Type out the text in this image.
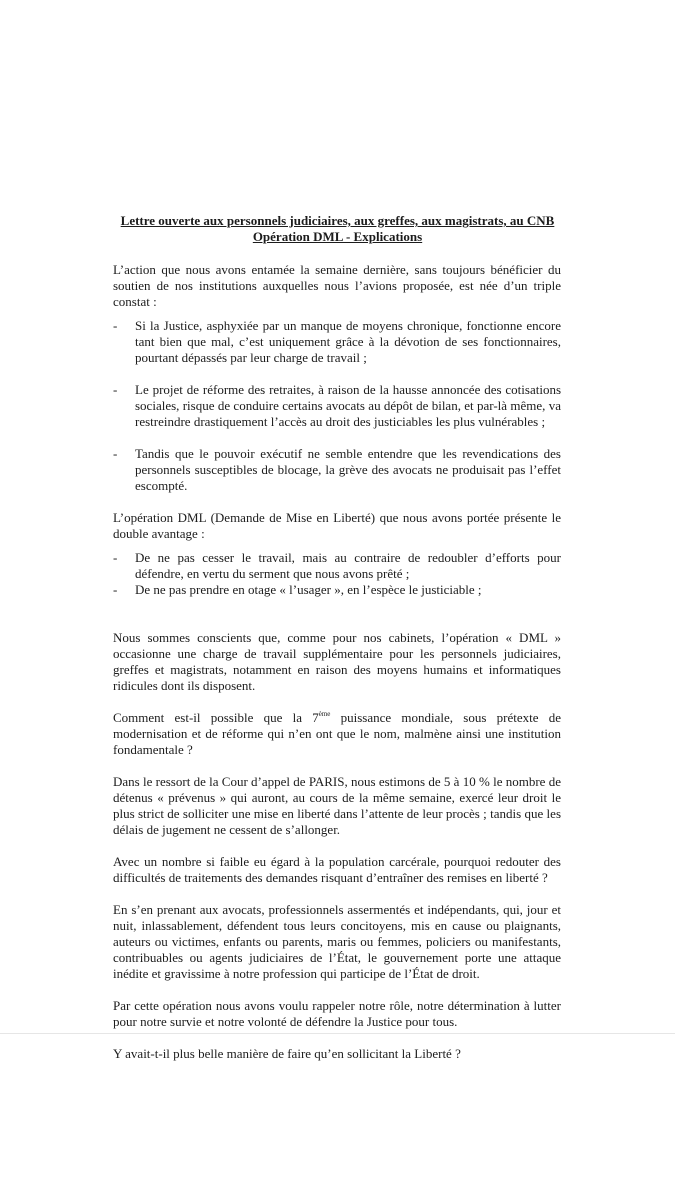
Lettre ouverte aux personnels judiciaires, aux greffes, aux magistrats, au CNB
Opération DML - Explications

L’action que nous avons entamée la semaine dernière, sans toujours bénéficier du soutien de nos institutions auxquelles nous l’avions proposée, est née d’un triple constat :

- Si la Justice, asphyxiée par un manque de moyens chronique, fonctionne encore tant bien que mal, c’est uniquement grâce à la dévotion de ses fonctionnaires, pourtant dépassés par leur charge de travail ;
- Le projet de réforme des retraites, à raison de la hausse annoncée des cotisations sociales, risque de conduire certains avocats au dépôt de bilan, et par-là même, va restreindre drastiquement l’accès au droit des justiciables les plus vulnérables ;
- Tandis que le pouvoir exécutif ne semble entendre que les revendications des personnels susceptibles de blocage, la grève des avocats ne produisait pas l’effet escompté.

L’opération DML (Demande de Mise en Liberté) que nous avons portée présente le double avantage :

- De ne pas cesser le travail, mais au contraire de redoubler d’efforts pour défendre, en vertu du serment que nous avons prêté ;
- De ne pas prendre en otage « l’usager », en l’espèce le justiciable ;

Nous sommes conscients que, comme pour nos cabinets, l’opération « DML » occasionne une charge de travail supplémentaire pour les personnels judiciaires, greffes et magistrats, notamment en raison des moyens humains et informatiques ridicules dont ils disposent.

Comment est-il possible que la 7ème puissance mondiale, sous prétexte de modernisation et de réforme qui n’en ont que le nom, malmène ainsi une institution fondamentale ?

Dans le ressort de la Cour d’appel de PARIS, nous estimons de 5 à 10 % le nombre de détenus « prévenus » qui auront, au cours de la même semaine, exercé leur droit le plus strict de solliciter une mise en liberté dans l’attente de leur procès ; tandis que les délais de jugement ne cessent de s’allonger.

Avec un nombre si faible eu égard à la population carcérale, pourquoi redouter des difficultés de traitements des demandes risquant d’entraîner des remises en liberté ?

En s’en prenant aux avocats, professionnels assermentés et indépendants, qui, jour et nuit, inlassablement, défendent tous leurs concitoyens, mis en cause ou plaignants, auteurs ou victimes, enfants ou parents, maris ou femmes, policiers ou manifestants, contribuables ou agents judiciaires de l’État, le gouvernement porte une attaque inédite et gravissime à notre profession qui participe de l’État de droit.

Par cette opération nous avons voulu rappeler notre rôle, notre détermination à lutter pour notre survie et notre volonté de défendre la Justice pour tous.

Y avait-t-il plus belle manière de faire qu’en sollicitant la Liberté ?
